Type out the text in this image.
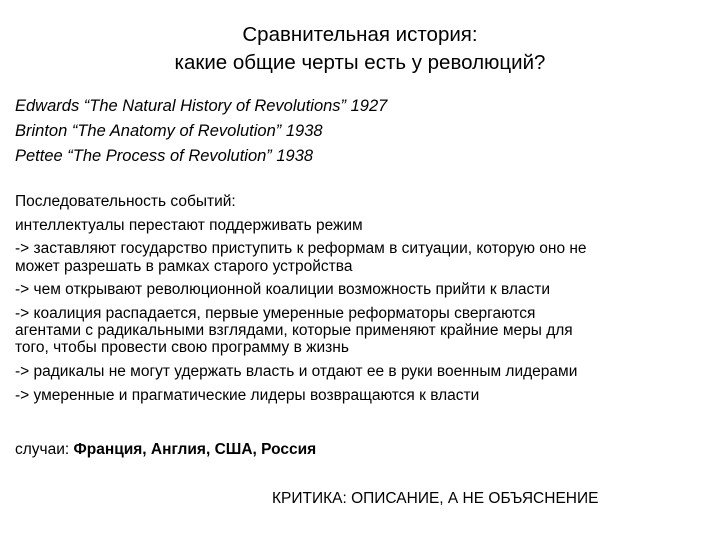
Сравнительная история:
какие общие черты есть у революций?
Edwards “The Natural History of Revolutions” 1927
Brinton “The Anatomy of Revolution” 1938
Pettee “The Process of Revolution” 1938
Последовательность событий:
интеллектуалы перестают поддерживать режим
-> заставляют государство приступить к реформам в ситуации, которую оно не
может разрешать в рамках старого устройства
-> чем открывают революционной коалиции возможность прийти к власти
-> коалиция распадается, первые умеренные реформаторы свергаются
агентами с радикальными взглядами, которые применяют крайние меры для
того, чтобы провести свою программу в жизнь
-> радикалы не могут удержать власть и отдают ее в руки военным лидерами
-> умеренные и прагматические лидеры возвращаются к власти
случаи: Франция, Англия, США, Россия
КРИТИКА: ОПИСАНИЕ, А НЕ ОБЪЯСНЕНИЕ
